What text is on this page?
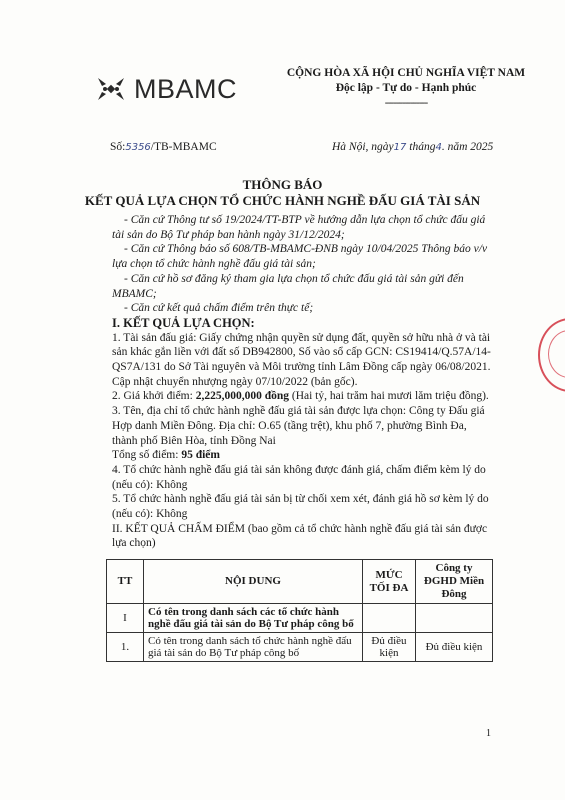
MBAMC
CỘNG HÒA XÃ HỘI CHỦ NGHĨA VIỆT NAM
Độc lập - Tự do - Hạnh phúc
---------------
Số:5356/TB-MBAMC	Hà Nội, ngày17 tháng4. năm 2025
THÔNG BÁO
KẾT QUẢ LỰA CHỌN TỔ CHỨC HÀNH NGHỀ ĐẤU GIÁ TÀI SẢN

- Căn cứ Thông tư số 19/2024/TT-BTP về hướng dẫn lựa chọn tổ chức đấu giá tài sản do Bộ Tư pháp ban hành ngày 31/12/2024;

- Căn cứ Thông báo số 608/TB-MBAMC-ĐNB ngày 10/04/2025 Thông báo v/v lựa chọn tổ chức hành nghề đấu giá tài sản;

- Căn cứ hồ sơ đăng ký tham gia lựa chọn tổ chức đấu giá tài sản gửi đến MBAMC;

- Căn cứ kết quả chấm điểm trên thực tế;

I. KẾT QUẢ LỰA CHỌN:

1. Tài sản đấu giá: Giấy chứng nhận quyền sử dụng đất, quyền sở hữu nhà ở và tài sản khác gắn liền với đất số DB942800, Số vào sổ cấp GCN: CS19414/Q.57A/14-QS7A/131 do Sở Tài nguyên và Môi trường tỉnh Lâm Đồng cấp ngày 06/08/2021. Cập nhật chuyển nhượng ngày 07/10/2022 (bản gốc).

2. Giá khởi điểm: 2,225,000,000 đồng (Hai tỷ, hai trăm hai mươi lăm triệu đồng).

3. Tên, địa chỉ tổ chức hành nghề đấu giá tài sản được lựa chọn: Công ty Đấu giá Hợp danh Miền Đông. Địa chỉ: O.65 (tầng trệt), khu phố 7, phường Bình Đa, thành phố Biên Hòa, tỉnh Đồng Nai

Tổng số điểm: 95 điểm

4. Tổ chức hành nghề đấu giá tài sản không được đánh giá, chấm điểm kèm lý do (nếu có): Không

5. Tổ chức hành nghề đấu giá tài sản bị từ chối xem xét, đánh giá hồ sơ kèm lý do (nếu có): Không

II. KẾT QUẢ CHẤM ĐIỂM (bao gồm cả tổ chức hành nghề đấu giá tài sản được lựa chọn)

TT	NỘI DUNG	MỨC TỐI ĐA	Công ty ĐGHD Miền Đông
I	Có tên trong danh sách các tổ chức hành nghề đấu giá tài sản do Bộ Tư pháp công bố		
1.	Có tên trong danh sách tổ chức hành nghề đấu giá tài sản do Bộ Tư pháp công bố	Đủ điều kiện	Đủ điều kiện
1
